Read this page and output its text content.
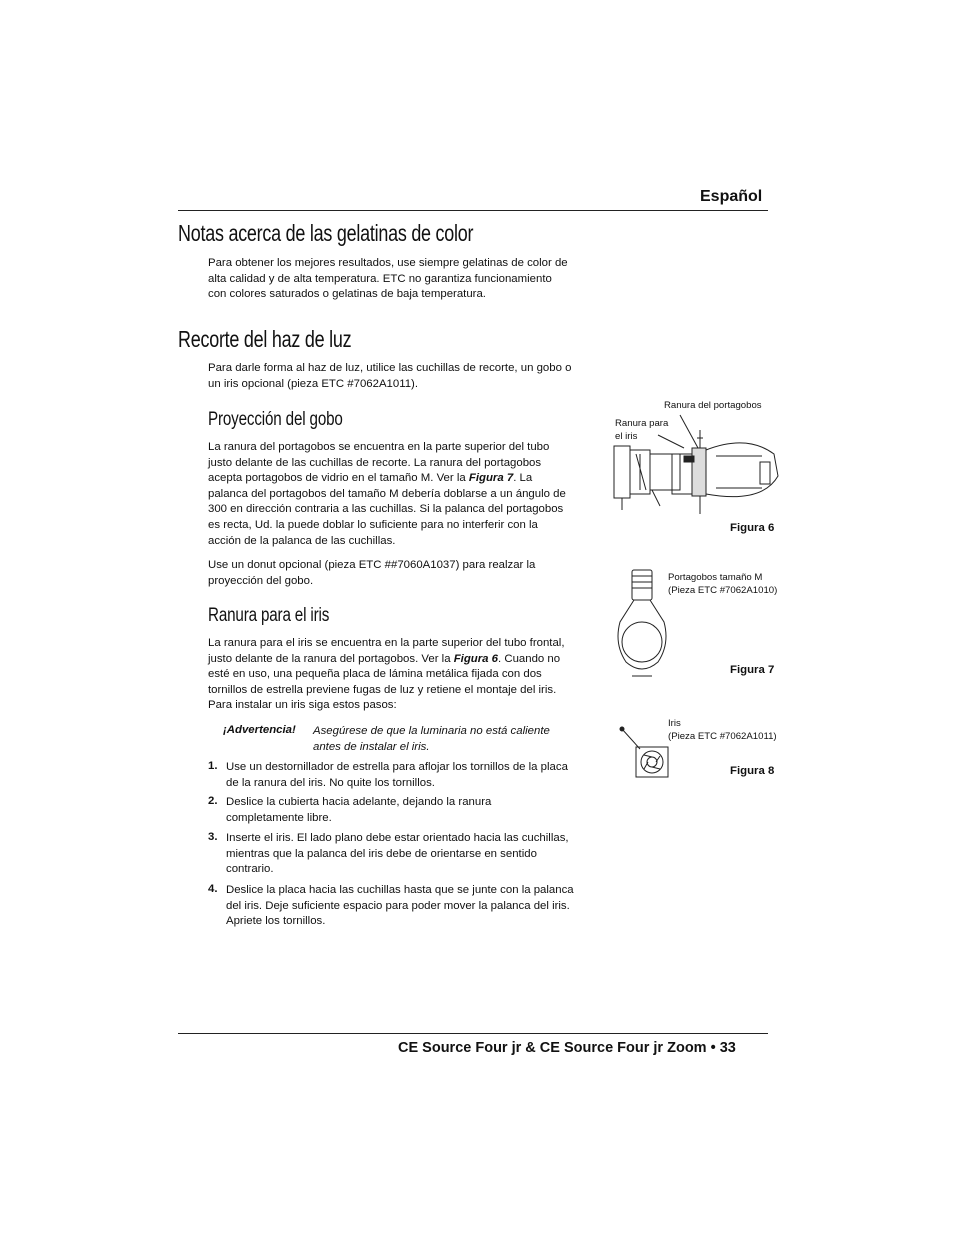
Español
Notas acerca de las gelatinas de color
Para obtener los mejores resultados, use siempre gelatinas de color de
alta calidad y de alta temperatura. ETC no garantiza funcionamiento
con colores saturados o gelatinas de baja temperatura.
Recorte del haz de luz
Para darle forma al haz de luz, utilice las cuchillas de recorte, un gobo o
un iris opcional (pieza ETC #7062A1011).
Proyección del gobo
La ranura del portagobos se encuentra en la parte superior del tubo
justo delante de las cuchillas de recorte. La ranura del portagobos
acepta portagobos de vidrio en el tamaño M. Ver la Figura 7. La
palanca del portagobos del tamaño M debería doblarse a un ángulo de
300 en dirección contraria a las cuchillas. Si la palanca del portagobos
es recta, Ud. la puede doblar lo suficiente para no interferir con la
acción de la palanca de las cuchillas.
Use un donut opcional (pieza ETC ##7060A1037) para realzar la
proyección del gobo.
Ranura para el iris
La ranura para el iris se encuentra en la parte superior del tubo frontal,
justo delante de la ranura del portagobos. Ver la Figura 6. Cuando no
esté en uso, una pequeña placa de lámina metálica fijada con dos
tornillos de estrella previene fugas de luz y retiene el montaje del iris.
Para instalar un iris siga estos pasos:
¡Advertencia! Asegúrese de que la luminaria no está caliente
antes de instalar el iris.
1. Use un destornillador de estrella para aflojar los tornillos de la placa
de la ranura del iris. No quite los tornillos.
2. Deslice la cubierta hacia adelante, dejando la ranura
completamente libre.
3. Inserte el iris. El lado plano debe estar orientado hacia las cuchillas,
mientras que la palanca del iris debe de orientarse en sentido
contrario.
4. Deslice la placa hacia las cuchillas hasta que se junte con la palanca
del iris. Deje suficiente espacio para poder mover la palanca del iris.
Apriete los tornillos.
Ranura del portagobos
Ranura para
el iris
Figura 6
Portagobos tamaño M
(Pieza ETC #7062A1010)
Figura 7
Iris
(Pieza ETC #7062A1011)
Figura 8
CE Source Four jr & CE Source Four jr Zoom • 33
